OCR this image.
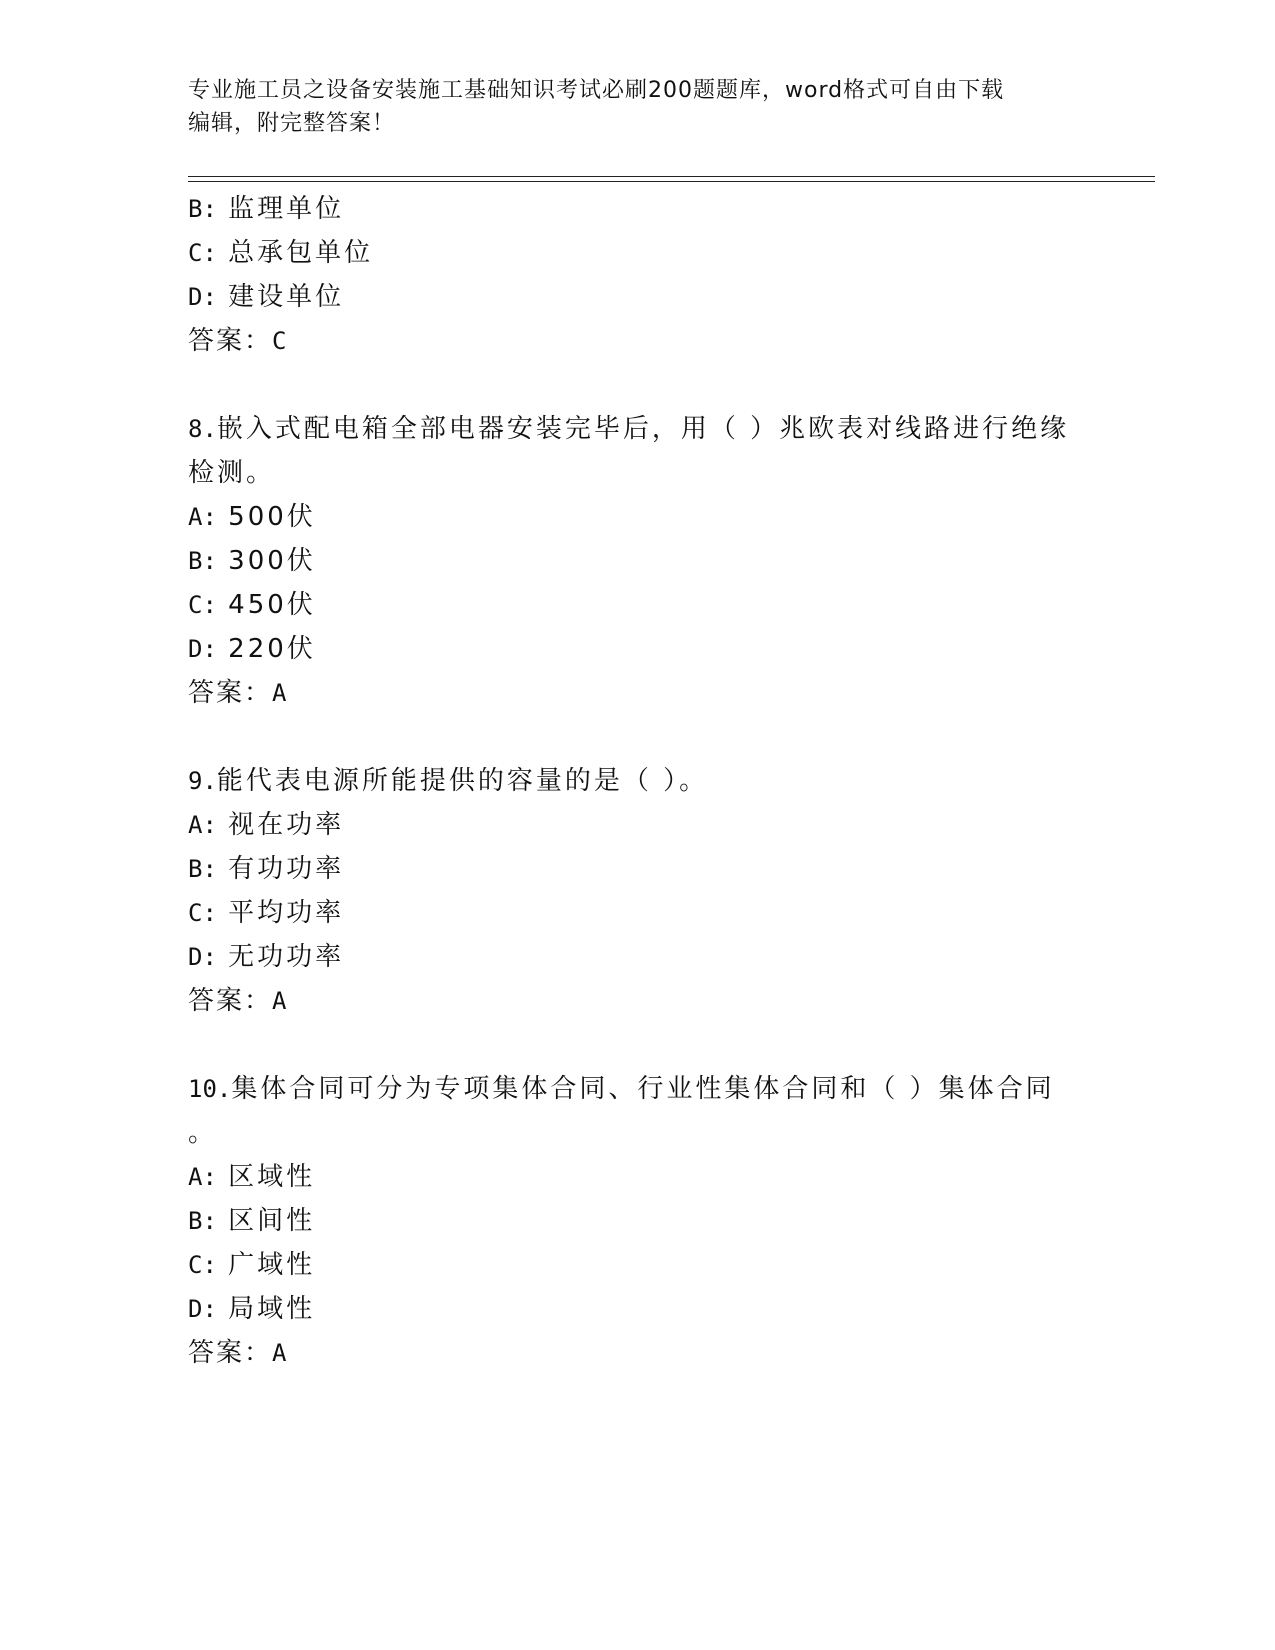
专业施工员之设备安装施工基础知识考试必刷200题题库，word格式可自由下载
编辑，附完整答案！
B: 监理单位
C: 总承包单位
D: 建设单位
答案：C
8.嵌入式配电箱全部电器安装完毕后，用（ ）兆欧表对线路进行绝缘
检测。
A: 500伏
B: 300伏
C: 450伏
D: 220伏
答案：A
9.能代表电源所能提供的容量的是（ ）。
A: 视在功率
B: 有功功率
C: 平均功率
D: 无功功率
答案：A
10.集体合同可分为专项集体合同、行业性集体合同和（ ）集体合同
。
A: 区域性
B: 区间性
C: 广域性
D: 局域性
答案：A
